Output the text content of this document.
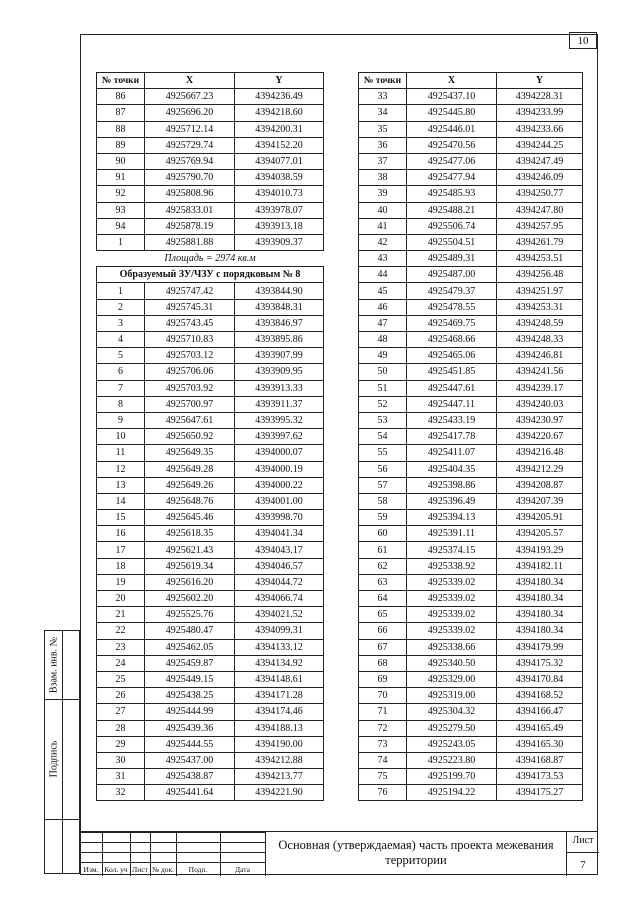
10
№ точки	X	Y
86	4925667.23	4394236.49
87	4925696.20	4394218.60
88	4925712.14	4394200.31
89	4925729.74	4394152.20
90	4925769.94	4394077.01
91	4925790.70	4394038.59
92	4925808.96	4394010.73
93	4925833.01	4393978.07
94	4925878.19	4393913.18
1	4925881.88	4393909.37
Площадь = 2974 кв.м		
Образуемый ЗУ/ЧЗУ с порядковым № 8		
1	4925747.42	4393844.90
2	4925745.31	4393848.31
3	4925743.45	4393846.97
4	4925710.83	4393895.86
5	4925703.12	4393907.99
6	4925706.06	4393909.95
7	4925703.92	4393913.33
8	4925700.97	4393911.37
9	4925647.61	4393995.32
10	4925650.92	4393997.62
11	4925649.35	4394000.07
12	4925649.28	4394000.19
13	4925649.26	4394000.22
14	4925648.76	4394001.00
15	4925645.46	4393998.70
16	4925618.35	4394041.34
17	4925621.43	4394043.17
18	4925619.34	4394046.57
19	4925616.20	4394044.72
20	4925602.20	4394066.74
21	4925525.76	4394021.52
22	4925480.47	4394099.31
23	4925462.05	4394133.12
24	4925459.87	4394134.92
25	4925449.15	4394148.61
26	4925438.25	4394171.28
27	4925444.99	4394174.46
28	4925439.36	4394188.13
29	4925444.55	4394190.00
30	4925437.00	4394212.88
31	4925438.87	4394213.77
32	4925441.64	4394221.90
№ точки	X	Y
33	4925437.10	4394228.31
34	4925445.80	4394233.99
35	4925446.01	4394233.66
36	4925470.56	4394244.25
37	4925477.06	4394247.49
38	4925477.94	4394246.09
39	4925485.93	4394250.77
40	4925488.21	4394247.80
41	4925506.74	4394257.95
42	4925504.51	4394261.79
43	4925489.31	4394253.51
44	4925487.00	4394256.48
45	4925479.37	4394251.97
46	4925478.55	4394253.31
47	4925469.75	4394248.59
48	4925468.66	4394248.33
49	4925465.06	4394246.81
50	4925451.85	4394241.56
51	4925447.61	4394239.17
52	4925447.11	4394240.03
53	4925433.19	4394230.97
54	4925417.78	4394220.67
55	4925411.07	4394216.48
56	4925404.35	4394212.29
57	4925398.86	4394208.87
58	4925396.49	4394207.39
59	4925394.13	4394205.91
60	4925391.11	4394205.57
61	4925374.15	4394193.29
62	4925338.92	4394182.11
63	4925339.02	4394180.34
64	4925339.02	4394180.34
65	4925339.02	4394180.34
66	4925339.02	4394180.34
67	4925338.66	4394179.99
68	4925340.50	4394175.32
69	4925329.00	4394170.84
70	4925319.00	4394168.52
71	4925304.32	4394166.47
72	4925279.50	4394165.49
73	4925243.05	4394165.30
74	4925223.80	4394168.87
75	4925199.70	4394173.53
76	4925194.22	4394175.27
Взам. инв. №
Подпись
Изм. Кол. уч Лист № док.	Подп.	Дата
Основная (утверждаемая) часть проекта межевания территории
Лист
7
